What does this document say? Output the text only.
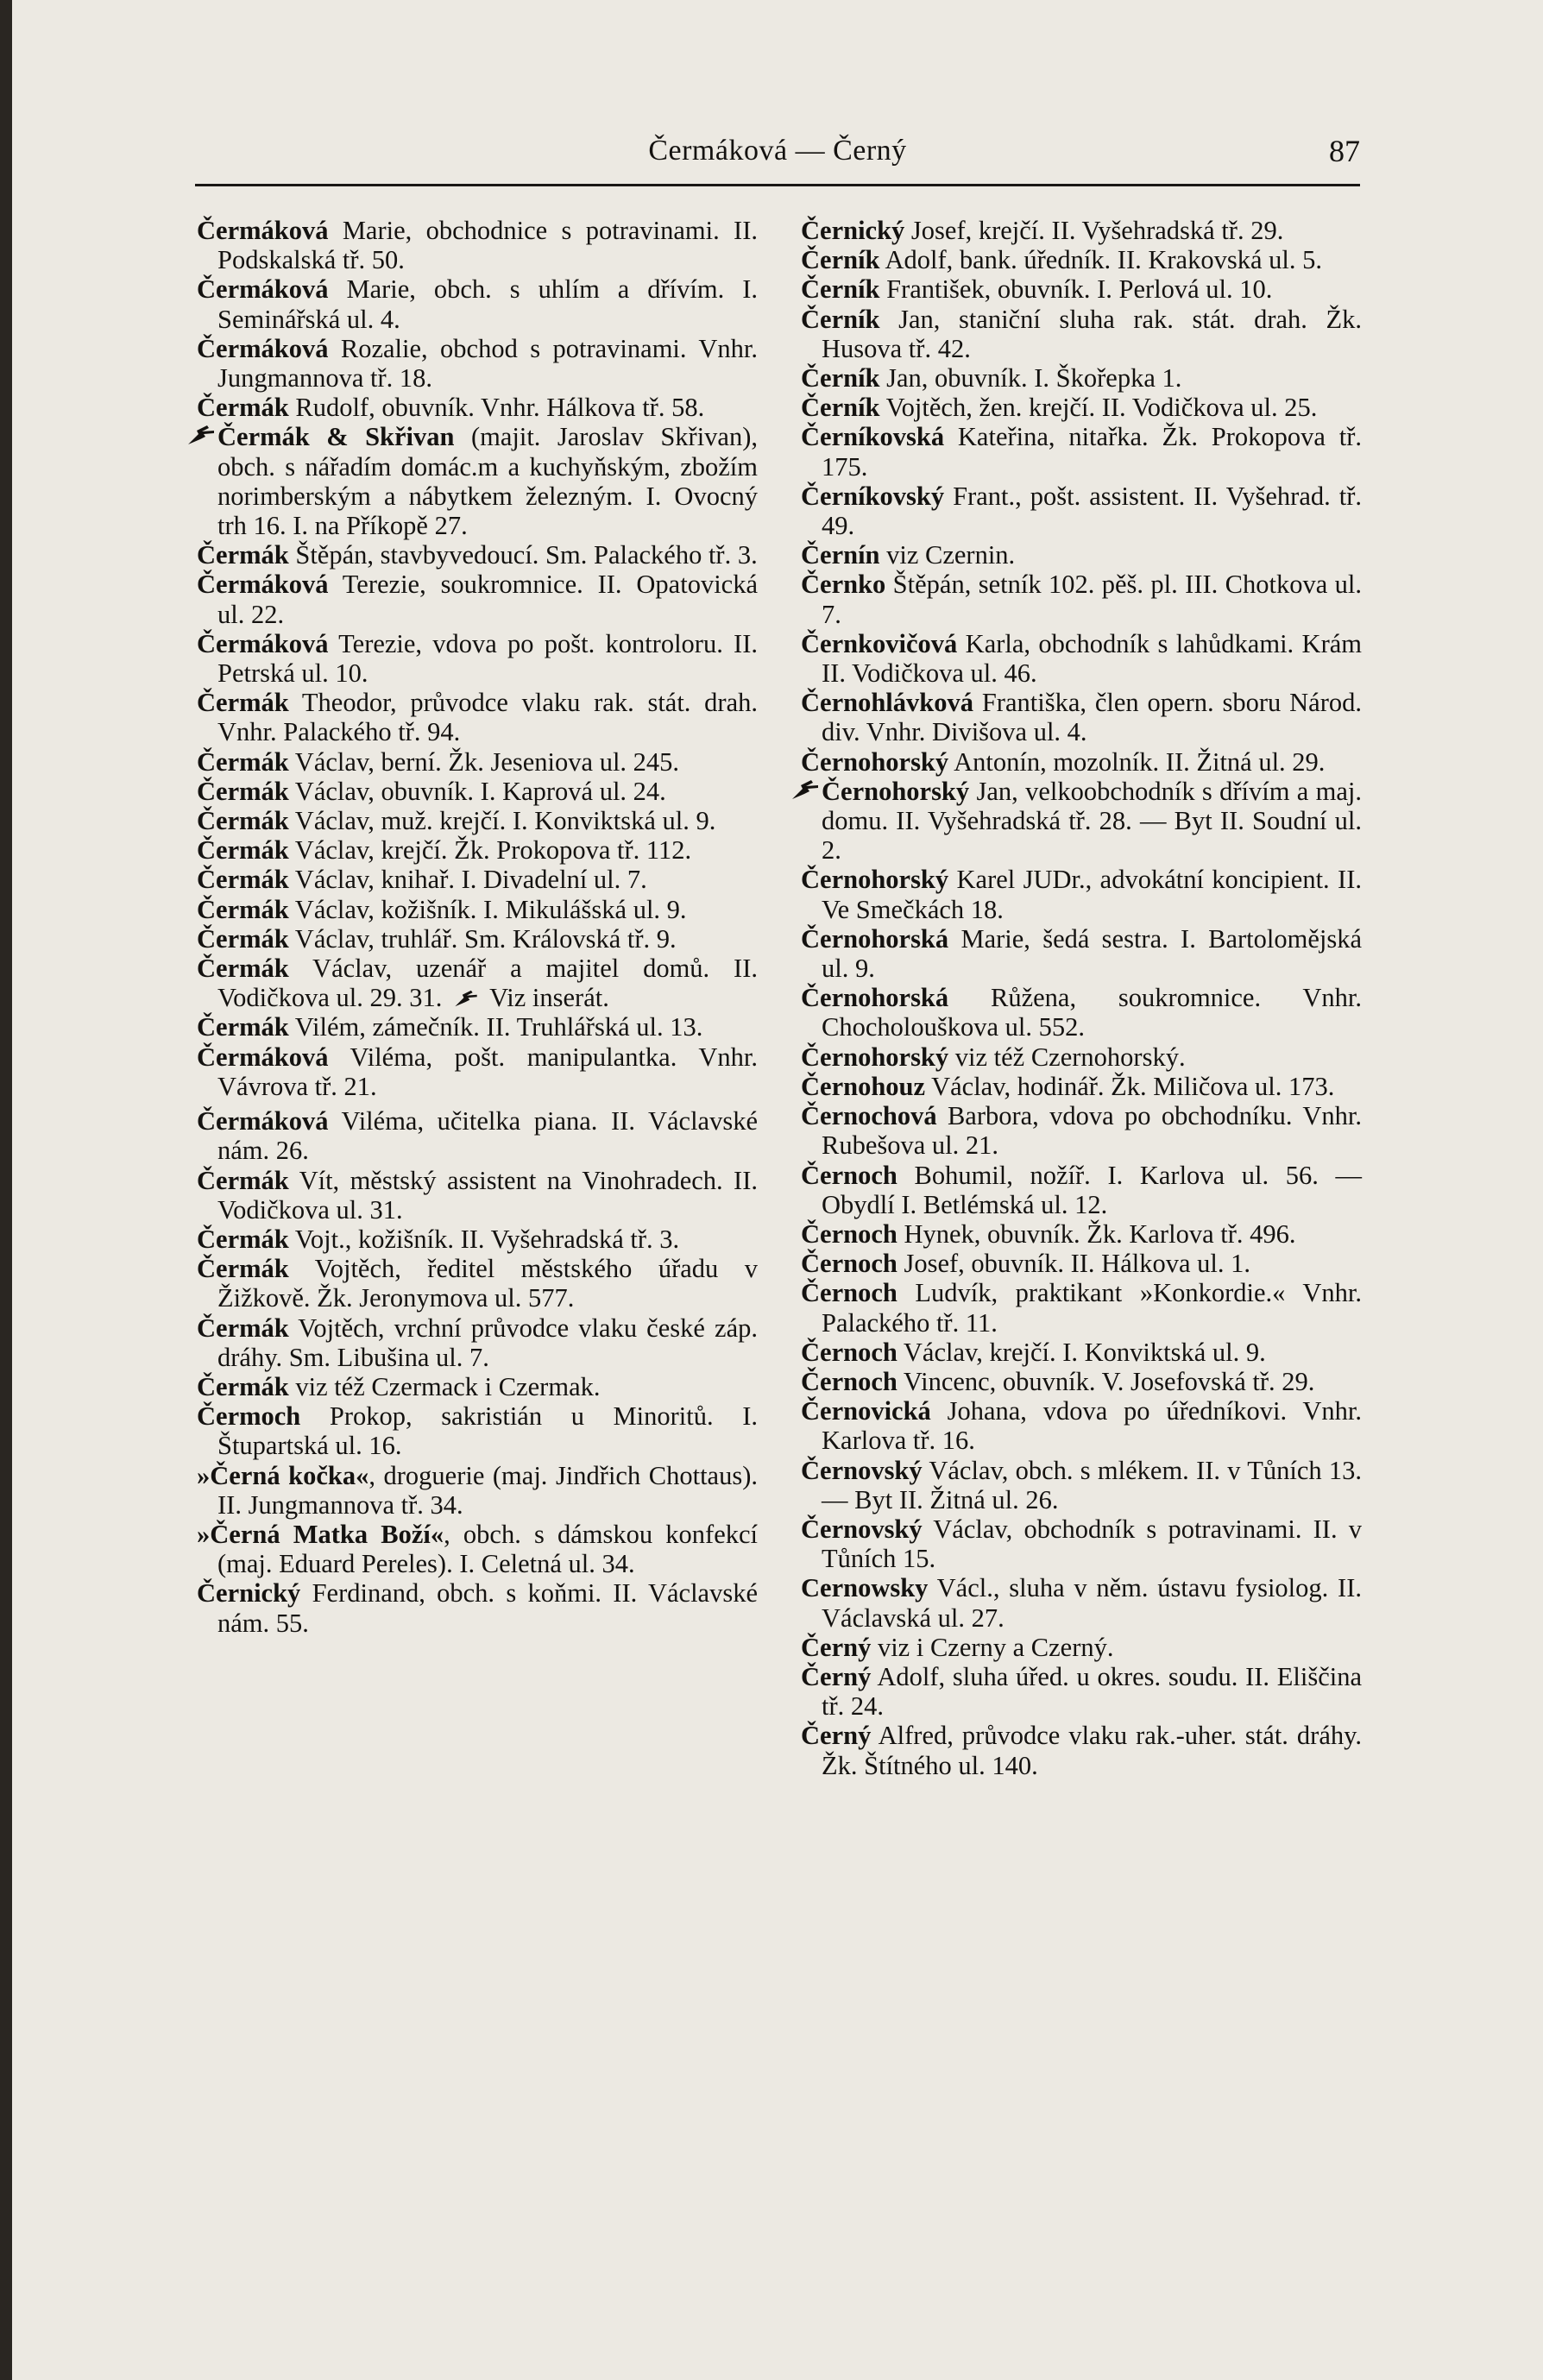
Čermáková — Černý	87

Čermáková Marie, obchodnice s potravinami. II. Podskalská tř. 50.

Čermáková Marie, obch. s uhlím a dřívím. I. Seminářská ul. 4.

Čermáková Rozalie, obchod s potravinami. Vnhr. Jungmannova tř. 18.

Čermák Rudolf, obuvník. Vnhr. Hálkova tř. 58.

Čermák & Skřivan (majit. Jaroslav Skřivan), obch. s nářadím domác.m a kuchyňským, zbožím norimberským a nábytkem železným. I. Ovocný trh 16. I. na Příkopě 27.

Čermák Štěpán, stavbyvedoucí. Sm. Palackého tř. 3.

Čermáková Terezie, soukromnice. II. Opatovická ul. 22.

Čermáková Terezie, vdova po pošt. kontroloru. II. Petrská ul. 10.

Čermák Theodor, průvodce vlaku rak. stát. drah. Vnhr. Palackého tř. 94.

Čermák Václav, berní. Žk. Jeseniova ul. 245.

Čermák Václav, obuvník. I. Kaprová ul. 24.

Čermák Václav, muž. krejčí. I. Konviktská ul. 9.

Čermák Václav, krejčí. Žk. Prokopova tř. 112.

Čermák Václav, knihař. I. Divadelní ul. 7.

Čermák Václav, kožišník. I. Mikulášská ul. 9.

Čermák Václav, truhlář. Sm. Královská tř. 9.

Čermák Václav, uzenář a majitel domů. II. Vodičkova ul. 29. 31.  Viz inserát.

Čermák Vilém, zámečník. II. Truhlářská ul. 13.

Čermáková Viléma, pošt. manipulantka. Vnhr. Vávrova tř. 21.

Čermáková Viléma, učitelka piana. II. Václavské nám. 26.

Čermák Vít, městský assistent na Vinohradech. II. Vodičkova ul. 31.

Čermák Vojt., kožišník. II. Vyšehradská tř. 3.

Čermák Vojtěch, ředitel městského úřadu v Žižkově. Žk. Jeronymova ul. 577.

Čermák Vojtěch, vrchní průvodce vlaku české záp. dráhy. Sm. Libušina ul. 7.

Čermák viz též Czermack i Czermak.

Čermoch Prokop, sakristián u Minoritů. I. Štupartská ul. 16.

»Černá kočka«, droguerie (maj. Jindřich Chottaus). II. Jungmannova tř. 34.

»Černá Matka Boží«, obch. s dámskou konfekcí (maj. Eduard Pereles). I. Celetná ul. 34.

Černický Ferdinand, obch. s koňmi. II. Václavské nám. 55.

Černický Josef, krejčí. II. Vyšehradská tř. 29.

Černík Adolf, bank. úředník. II. Krakovská ul. 5.

Černík František, obuvník. I. Perlová ul. 10.

Černík Jan, staniční sluha rak. stát. drah. Žk. Husova tř. 42.

Černík Jan, obuvník. I. Škořepka 1.

Černík Vojtěch, žen. krejčí. II. Vodičkova ul. 25.

Černíkovská Kateřina, nitařka. Žk. Prokopova tř. 175.

Černíkovský Frant., pošt. assistent. II. Vyšehrad. tř. 49.

Černín viz Czernin.

Černko Štěpán, setník 102. pěš. pl. III. Chotkova ul. 7.

Černkovičová Karla, obchodník s lahůdkami. Krám II. Vodičkova ul. 46.

Černohlávková Františka, člen opern. sboru Národ. div. Vnhr. Divišova ul. 4.

Černohorský Antonín, mozolník. II. Žitná ul. 29.

Černohorský Jan, velkoobchodník s dřívím a maj. domu. II. Vyšehradská tř. 28. — Byt II. Soudní ul. 2.

Černohorský Karel JUDr., advokátní koncipient. II. Ve Smečkách 18.

Černohorská Marie, šedá sestra. I. Bartolomějská ul. 9.

Černohorská Růžena, soukromnice. Vnhr. Chocholouškova ul. 552.

Černohorský viz též Czernohorský.

Černohouz Václav, hodinář. Žk. Miličova ul. 173.

Černochová Barbora, vdova po obchodníku. Vnhr. Rubešova ul. 21.

Černoch Bohumil, nožíř. I. Karlova ul. 56. — Obydlí I. Betlémská ul. 12.

Černoch Hynek, obuvník. Žk. Karlova tř. 496.

Černoch Josef, obuvník. II. Hálkova ul. 1.

Černoch Ludvík, praktikant »Konkordie.« Vnhr. Palackého tř. 11.

Černoch Václav, krejčí. I. Konviktská ul. 9.

Černoch Vincenc, obuvník. V. Josefovská tř. 29.

Černovická Johana, vdova po úředníkovi. Vnhr. Karlova tř. 16.

Černovský Václav, obch. s mlékem. II. v Tůních 13. — Byt II. Žitná ul. 26.

Černovský Václav, obchodník s potravinami. II. v Tůních 15.

Cernowsky Václ., sluha v něm. ústavu fysiolog. II. Václavská ul. 27.

Černý viz i Czerny a Czerný.

Černý Adolf, sluha úřed. u okres. soudu. II. Eliščina tř. 24.

Černý Alfred, průvodce vlaku rak.-uher. stát. dráhy. Žk. Štítného ul. 140.
